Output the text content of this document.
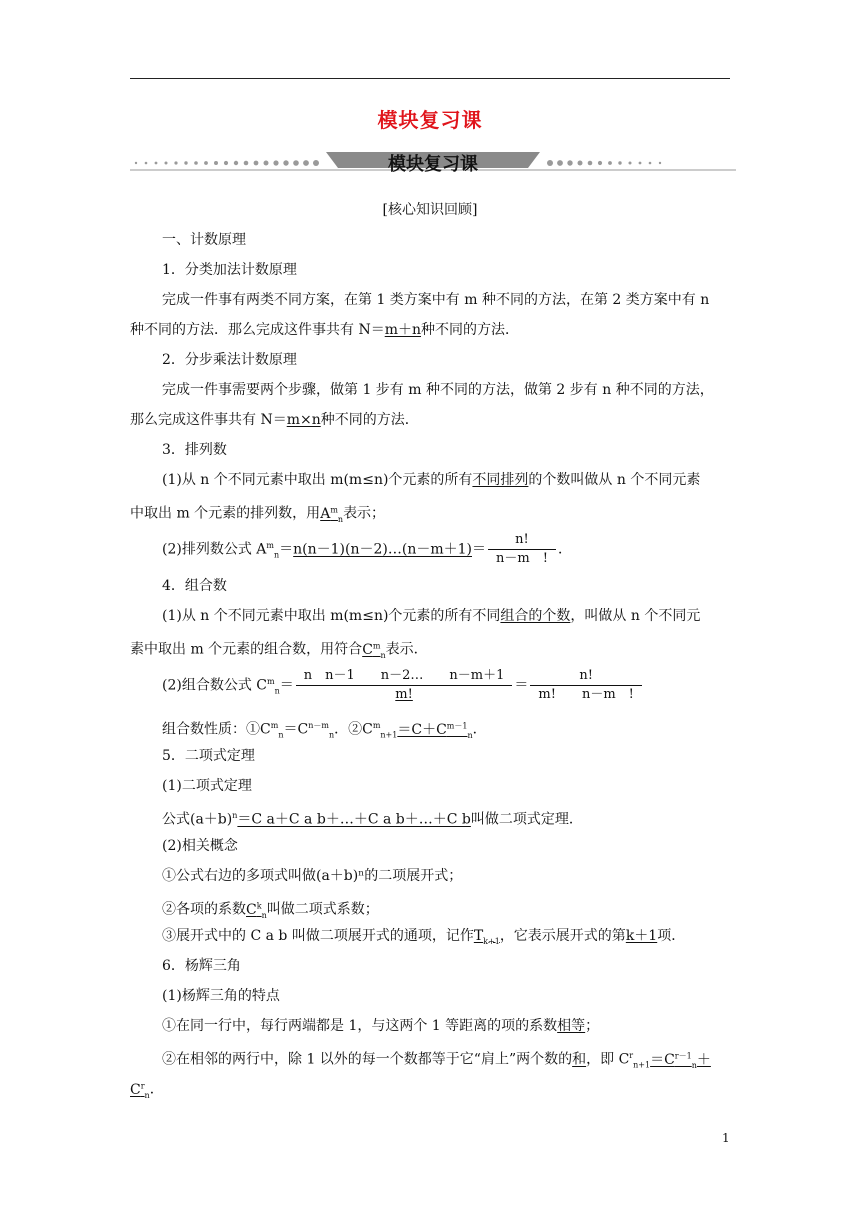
模块复习课
模块复习课
[核心知识回顾]
一、计数原理
1．分类加法计数原理
完成一件事有两类不同方案，在第 1 类方案中有 m 种不同的方法，在第 2 类方案中有 n
种不同的方法．那么完成这件事共有 N＝m＋n种不同的方法．
2．分步乘法计数原理
完成一件事需要两个步骤，做第 1 步有 m 种不同的方法，做第 2 步有 n 种不同的方法，
那么完成这件事共有 N＝m×n种不同的方法．
3．排列数
(1)从 n 个不同元素中取出 m(m≤n)个元素的所有不同排列的个数叫做从 n 个不同元素
中取出 m 个元素的排列数，用$A^m_n$表示；
(2)排列数公式 $A^m_n=n(n-1)(n-2)\dots(n-m+1)= \frac{n!}{n-m !}$ ．
4．组合数
(1)从 n 个不同元素中取出 m(m≤n)个元素的所有不同组合的个数，叫做从 n 个不同元
素中取出 m 个元素的组合数，用符合$C^m_n$表示．
(2)组合数公式 $C^m_n= \frac{\text{n　n－1　　n－2…　　n－m＋1}}{m!} = \frac{n!}{m! n-m !}$
组合数性质：$①C^m_n=C^{n-m}_n$．$②C^m_{n+1}=C+C^{m-1}_n$．
5．二项式定理
(1)二项式定理
公式$(a+b)^n=C$ a＋C a b＋…＋C a b＋…＋C b叫做二项式定理．
(2)相关概念
①公式右边的多项式叫做(a＋b)ⁿ的二项展开式；
②各项的系数$C^k_n$叫做二项式系数；
③展开式中的 C a b 叫做二项展开式的通项，记作$T_{k+1}$，它表示展开式的第k＋1项．
6．杨辉三角
(1)杨辉三角的特点
①在同一行中，每行两端都是 1，与这两个 1 等距离的项的系数相等；
②在相邻的两行中，除 1 以外的每一个数都等于它“肩上”两个数的和，即 $C^r_{n+1}=C^{r-1}_n+$
$C^r_n$．
1
